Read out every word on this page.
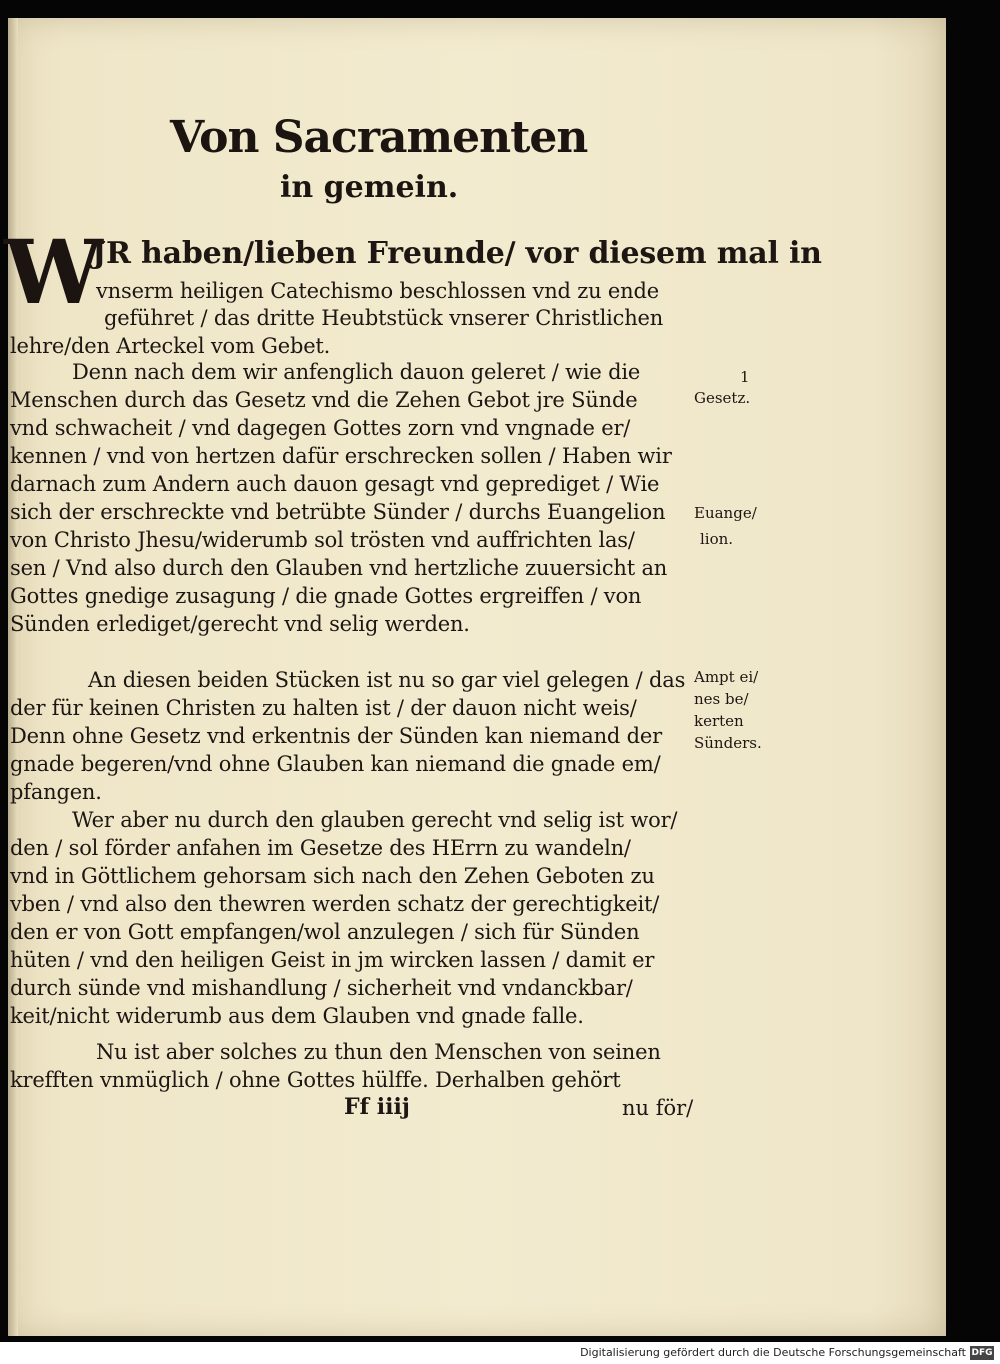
Von Sacramenten
in gemein.
W
JR haben/lieben Freunde/ vor diesem mal in
vnserm heiligen Catechismo beschlossen vnd zu ende
geführet / das dritte Heubtstück vnserer Christlichen
lehre/den Arteckel vom Gebet.
Denn nach dem wir anfenglich dauon geleret / wie die
Menschen durch das Gesetz vnd die Zehen Gebot jre Sünde
vnd schwacheit / vnd dagegen Gottes zorn vnd vngnade er/
kennen / vnd von hertzen dafür erschrecken sollen / Haben wir
darnach zum Andern auch dauon gesagt vnd geprediget / Wie
sich der erschreckte vnd betrübte Sünder / durchs Euangelion
von Christo Jhesu/widerumb sol trösten vnd auffrichten las/
sen / Vnd also durch den Glauben vnd hertzliche zuuersicht an
Gottes gnedige zusagung / die gnade Gottes ergreiffen / von
Sünden erlediget/gerecht vnd selig werden.
An diesen beiden Stücken ist nu so gar viel gelegen / das
der für keinen Christen zu halten ist / der dauon nicht weis/
Denn ohne Gesetz vnd erkentnis der Sünden kan niemand der
gnade begeren/vnd ohne Glauben kan niemand die gnade em/
pfangen.
Wer aber nu durch den glauben gerecht vnd selig ist wor/
den / sol förder anfahen im Gesetze des HErrn zu wandeln/
vnd in Göttlichem gehorsam sich nach den Zehen Geboten zu
vben / vnd also den thewren werden schatz der gerechtigkeit/
den er von Gott empfangen/wol anzulegen / sich für Sünden
hüten / vnd den heiligen Geist in jm wircken lassen / damit er
durch sünde vnd mishandlung / sicherheit vnd vndanckbar/
keit/nicht widerumb aus dem Glauben vnd gnade falle.
Nu ist aber solches zu thun den Menschen von seinen
krefften vnmüglich / ohne Gottes hülffe. Derhalben gehört
1
Gesetz.
Euange/
lion.
Ampt ei/
nes be/
kerten
Sünders.
Ff iiij	nu för/
Digitalisierung gefördert durch die Deutsche Forschungsgemeinschaft DFG
